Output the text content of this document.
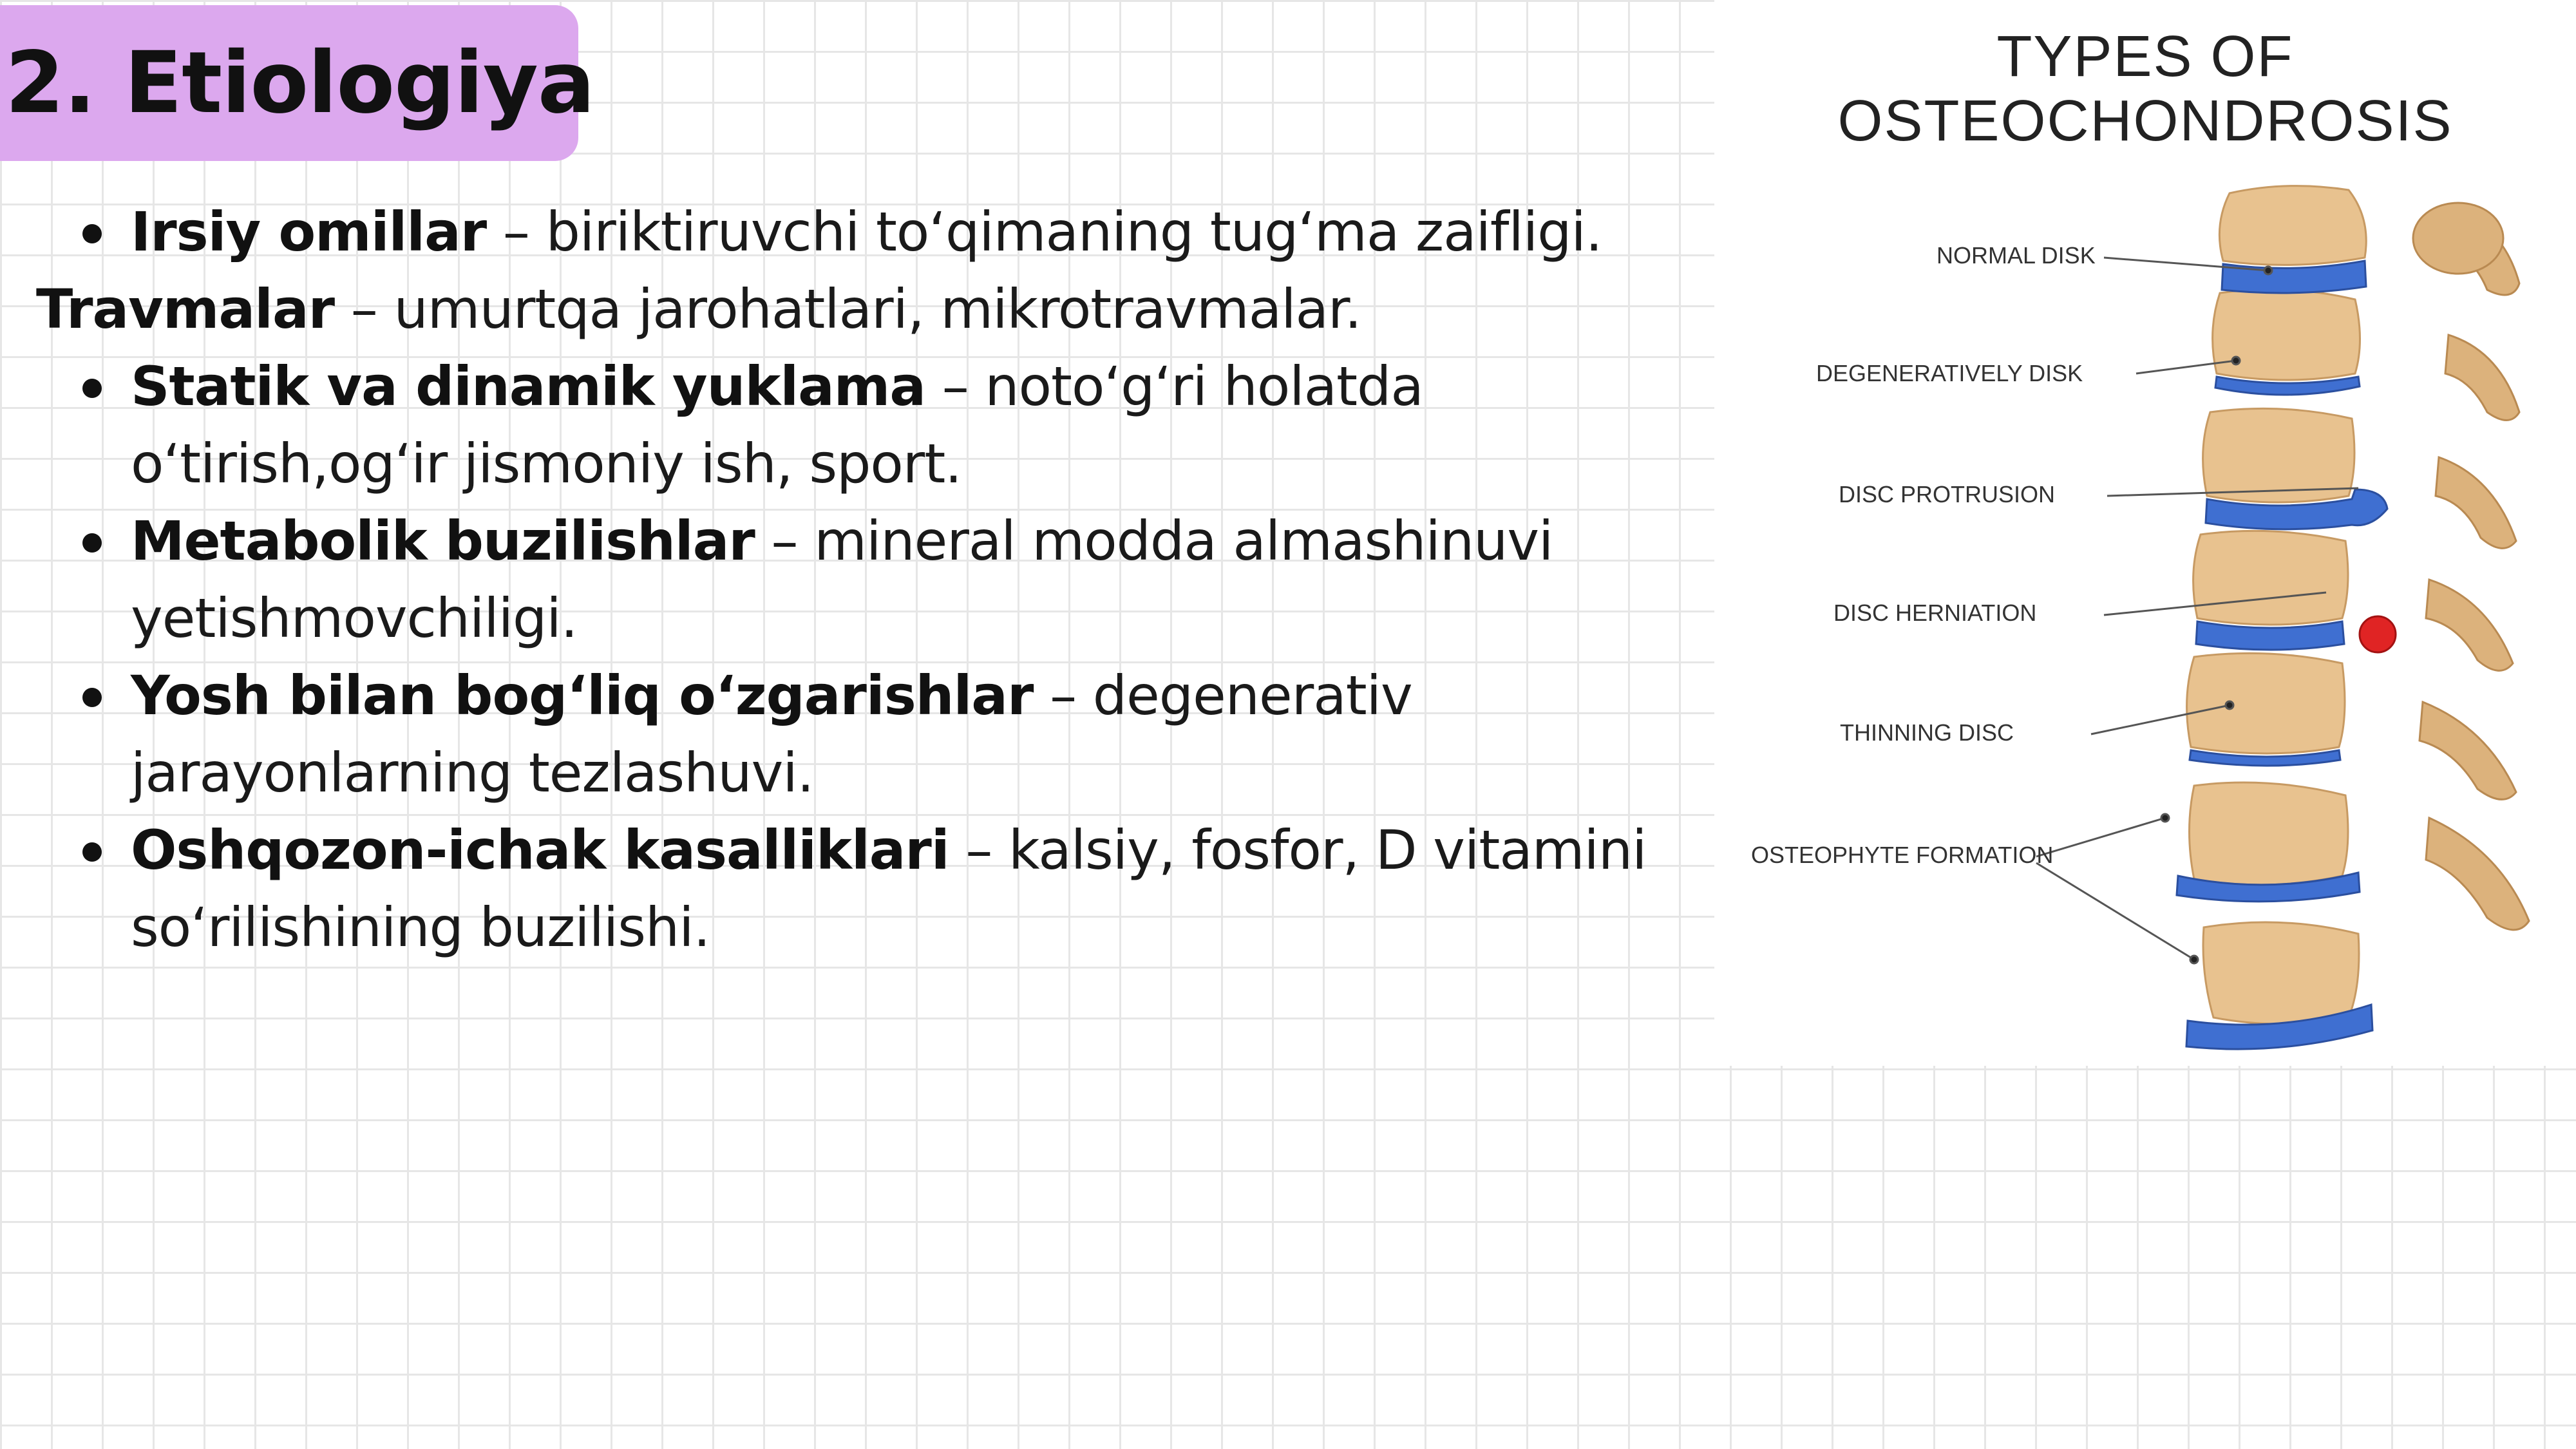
2. Etiologiya
Irsiy omillar – biriktiruvchi to‘qimaning tug‘ma zaifligi.
Travmalar – umurtqa jarohatlari, mikrotravmalar.
Statik va dinamik yuklama – noto‘g‘ri holatda o‘tirish,og‘ir jismoniy ish, sport.
Metabolik buzilishlar – mineral modda almashinuvi yetishmovchiligi.
Yosh bilan bog‘liq o‘zgarishlar – degenerativ jarayonlarning tezlashuvi.
Oshqozon-ichak kasalliklari – kalsiy, fosfor, D vitamini so‘rilishining buzilishi.
TYPES OF
OSTEOCHONDROSIS
NORMAL DISK
DEGENERATIVELY DISK
DISC PROTRUSION
DISC HERNIATION
THINNING DISC
OSTEOPHYTE FORMATION
